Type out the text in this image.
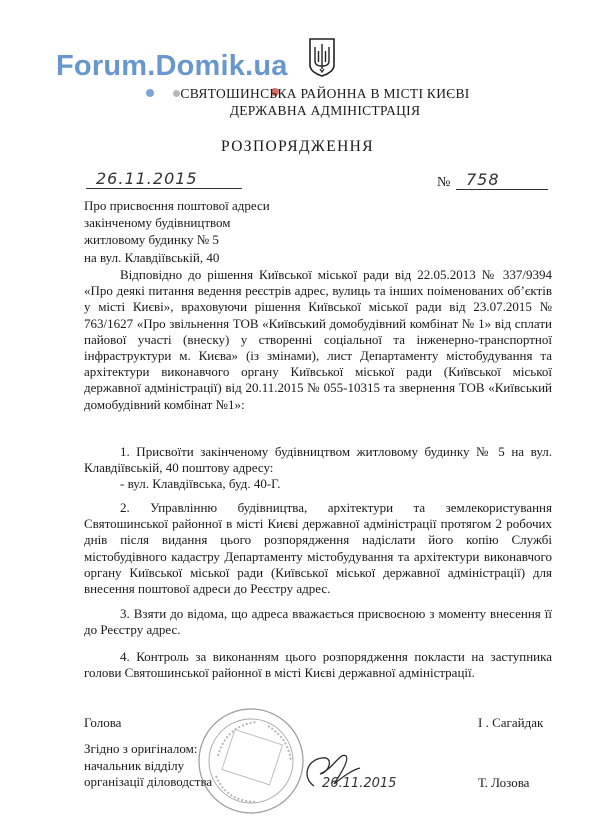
Forum.Domik.ua
СВЯТОШИНСЬКА РАЙОННА В МІСТІ КИЄВІ
ДЕРЖАВНА АДМІНІСТРАЦІЯ
РОЗПОРЯДЖЕННЯ
26.11.2015	№ 758
Про присвоєння поштової адреси
закінченому будівництвом
житловому будинку № 5
на вул. Клавдіївській, 40

Відповідно до рішення Київської міської ради від 22.05.2013 № 337/9394 «Про деякі питання ведення реєстрів адрес, вулиць та інших поіменованих об’єктів у місті Києві», враховуючи рішення Київської міської ради від 23.07.2015 № 763/1627 «Про звільнення ТОВ «Київський домобудівний комбінат № 1» від сплати пайової участі (внеску) у створенні соціальної та інженерно-транспортної інфраструктури м. Києва» (із змінами), лист Департаменту містобудування та архітектури виконавчого органу Київської міської ради (Київської міської державної адміністрації) від 20.11.2015 № 055-10315 та звернення ТОВ «Київський домобудівний комбінат №1»:

1. Присвоїти закінченому будівництвом житловому будинку № 5 на вул. Клавдіївській, 40 поштову адресу:

- вул. Клавдіївська, буд. 40-Г.

2. Управлінню будівництва, архітектури та землекористування Святошинської районної в місті Києві державної адміністрації протягом 2 робочих днів після видання цього розпорядження надіслати його копію Службі містобудівного кадастру Департаменту містобудування та архітектури виконавчого органу Київської міської ради (Київської міської державної адміністрації) для внесення поштової адреси до Реєстру адрес.

3. Взяти до відома, що адреса вважається присвоєною з моменту внесення її до Реєстру адрес.

4. Контроль за виконанням цього розпорядження покласти на заступника голови Святошинської районної в місті Києві державної адміністрації.

Голова	І . Сагайдак
Згідно з оригіналом:
начальник відділу
організації діловодства	Т. Лозова
26.11.2015
